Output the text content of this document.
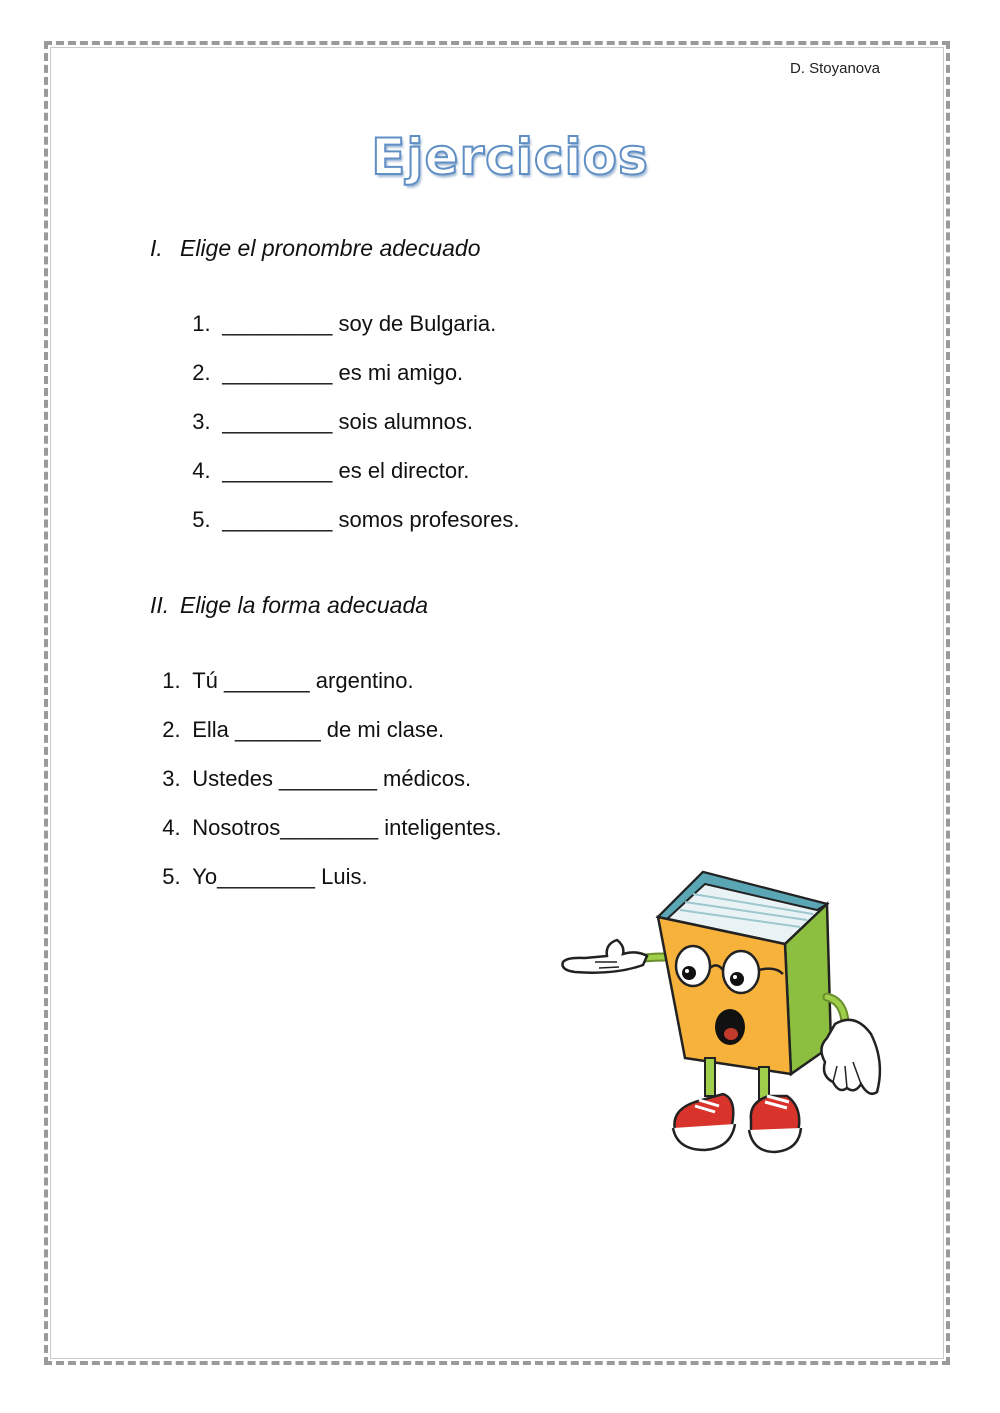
D. Stoyanova
Ejercicios
I. Elige el pronombre adecuado

1. _________ soy de Bulgaria.

2. _________ es mi amigo.

3. _________ sois alumnos.

4. _________ es el director.

5. _________ somos profesores.

II. Elige la forma adecuada

1. Tú _______ argentino.

2. Ella _______ de mi clase.

3. Ustedes ________ médicos.

4. Nosotros________ inteligentes.

5. Yo________ Luis.
